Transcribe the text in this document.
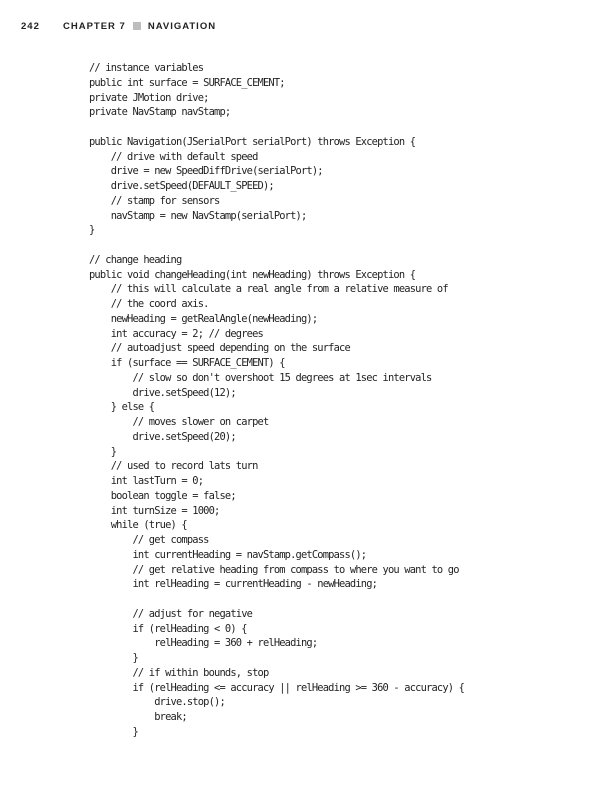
242	CHAPTER 7 NAVIGATION
// instance variables
public int surface = SURFACE_CEMENT;
private JMotion drive;
private NavStamp navStamp;

public Navigation(JSerialPort serialPort) throws Exception {
// drive with default speed
drive = new SpeedDiffDrive(serialPort);
drive.setSpeed(DEFAULT_SPEED);
// stamp for sensors
navStamp = new NavStamp(serialPort);
}

// change heading
public void changeHeading(int newHeading) throws Exception {
// this will calculate a real angle from a relative measure of
// the coord axis.
newHeading = getRealAngle(newHeading);
int accuracy = 2; // degrees
// autoadjust speed depending on the surface
if (surface == SURFACE_CEMENT) {
// slow so don't overshoot 15 degrees at 1sec intervals
drive.setSpeed(12);
} else {
// moves slower on carpet
drive.setSpeed(20);
}
// used to record lats turn
int lastTurn = 0;
boolean toggle = false;
int turnSize = 1000;
while (true) {
// get compass
int currentHeading = navStamp.getCompass();
// get relative heading from compass to where you want to go
int relHeading = currentHeading - newHeading;

// adjust for negative
if (relHeading < 0) {
relHeading = 360 + relHeading;
}
// if within bounds, stop
if (relHeading <= accuracy || relHeading >= 360 - accuracy) {
drive.stop();
break;
}
